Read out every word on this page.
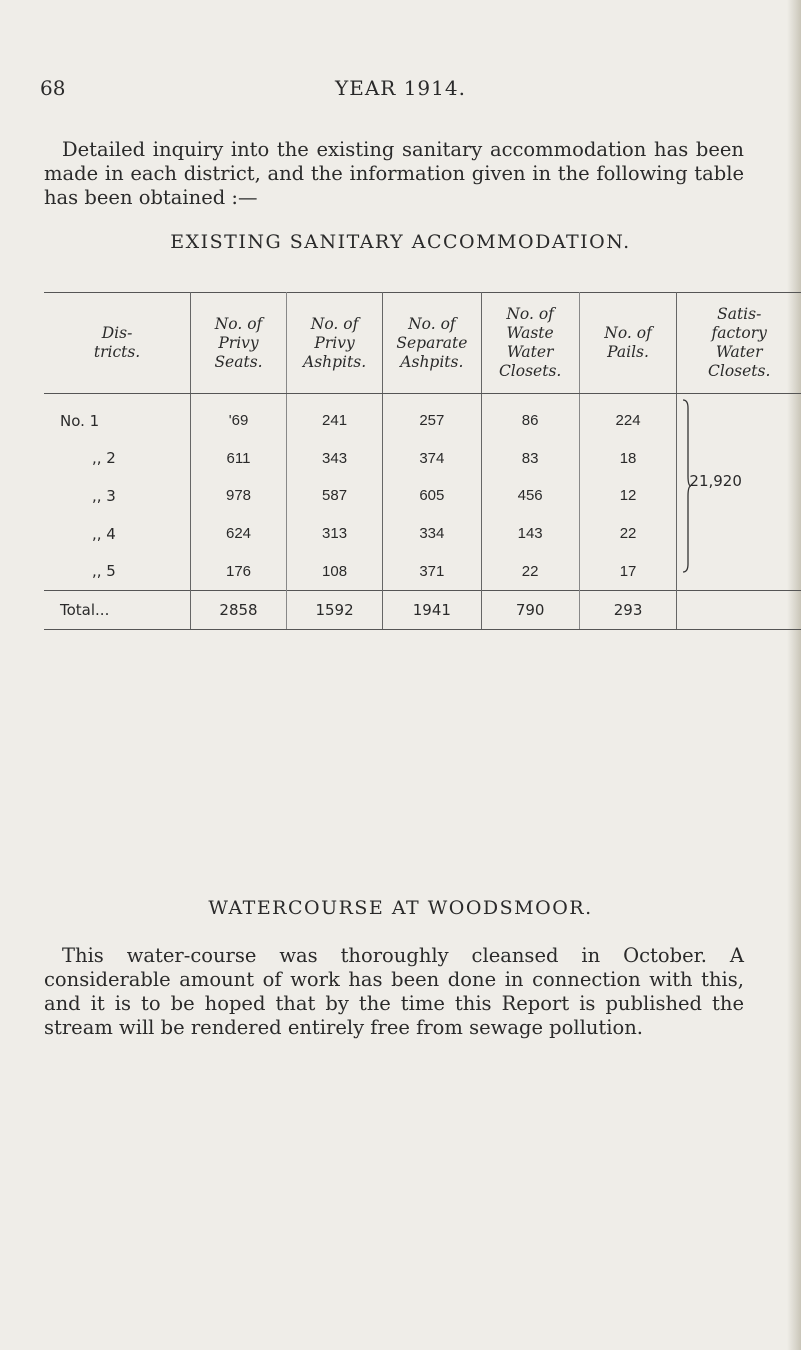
YEAR 1914.
68

Detailed inquiry into the existing sanitary accommodation has been made in each district, and the information given in the following table has been obtained :—

EXISTING SANITARY ACCOMMODATION.
Dis-
tricts.	No. of
Privy
Seats.	No. of
Privy
Ashpits.	No. of
Separate
Ashpits.	No. of
Waste
Water
Closets.	No. of
Pails.	Satis-
factory
Water
Closets.
No. 1	'69	241	257	86	224	21,920

,, 2	611	343	374	83	18	
,, 3	978	587	605	456	12	
,, 4	624	313	334	143	22	
,, 5	176	108	371	22	17	
Total...	2858	1592	1941	790	293	
WATERCOURSE AT WOODSMOOR.

This water-course was thoroughly cleansed in October. A considerable amount of work has been done in connection with this, and it is to be hoped that by the time this Report is published the stream will be rendered entirely free from sewage pollution.
